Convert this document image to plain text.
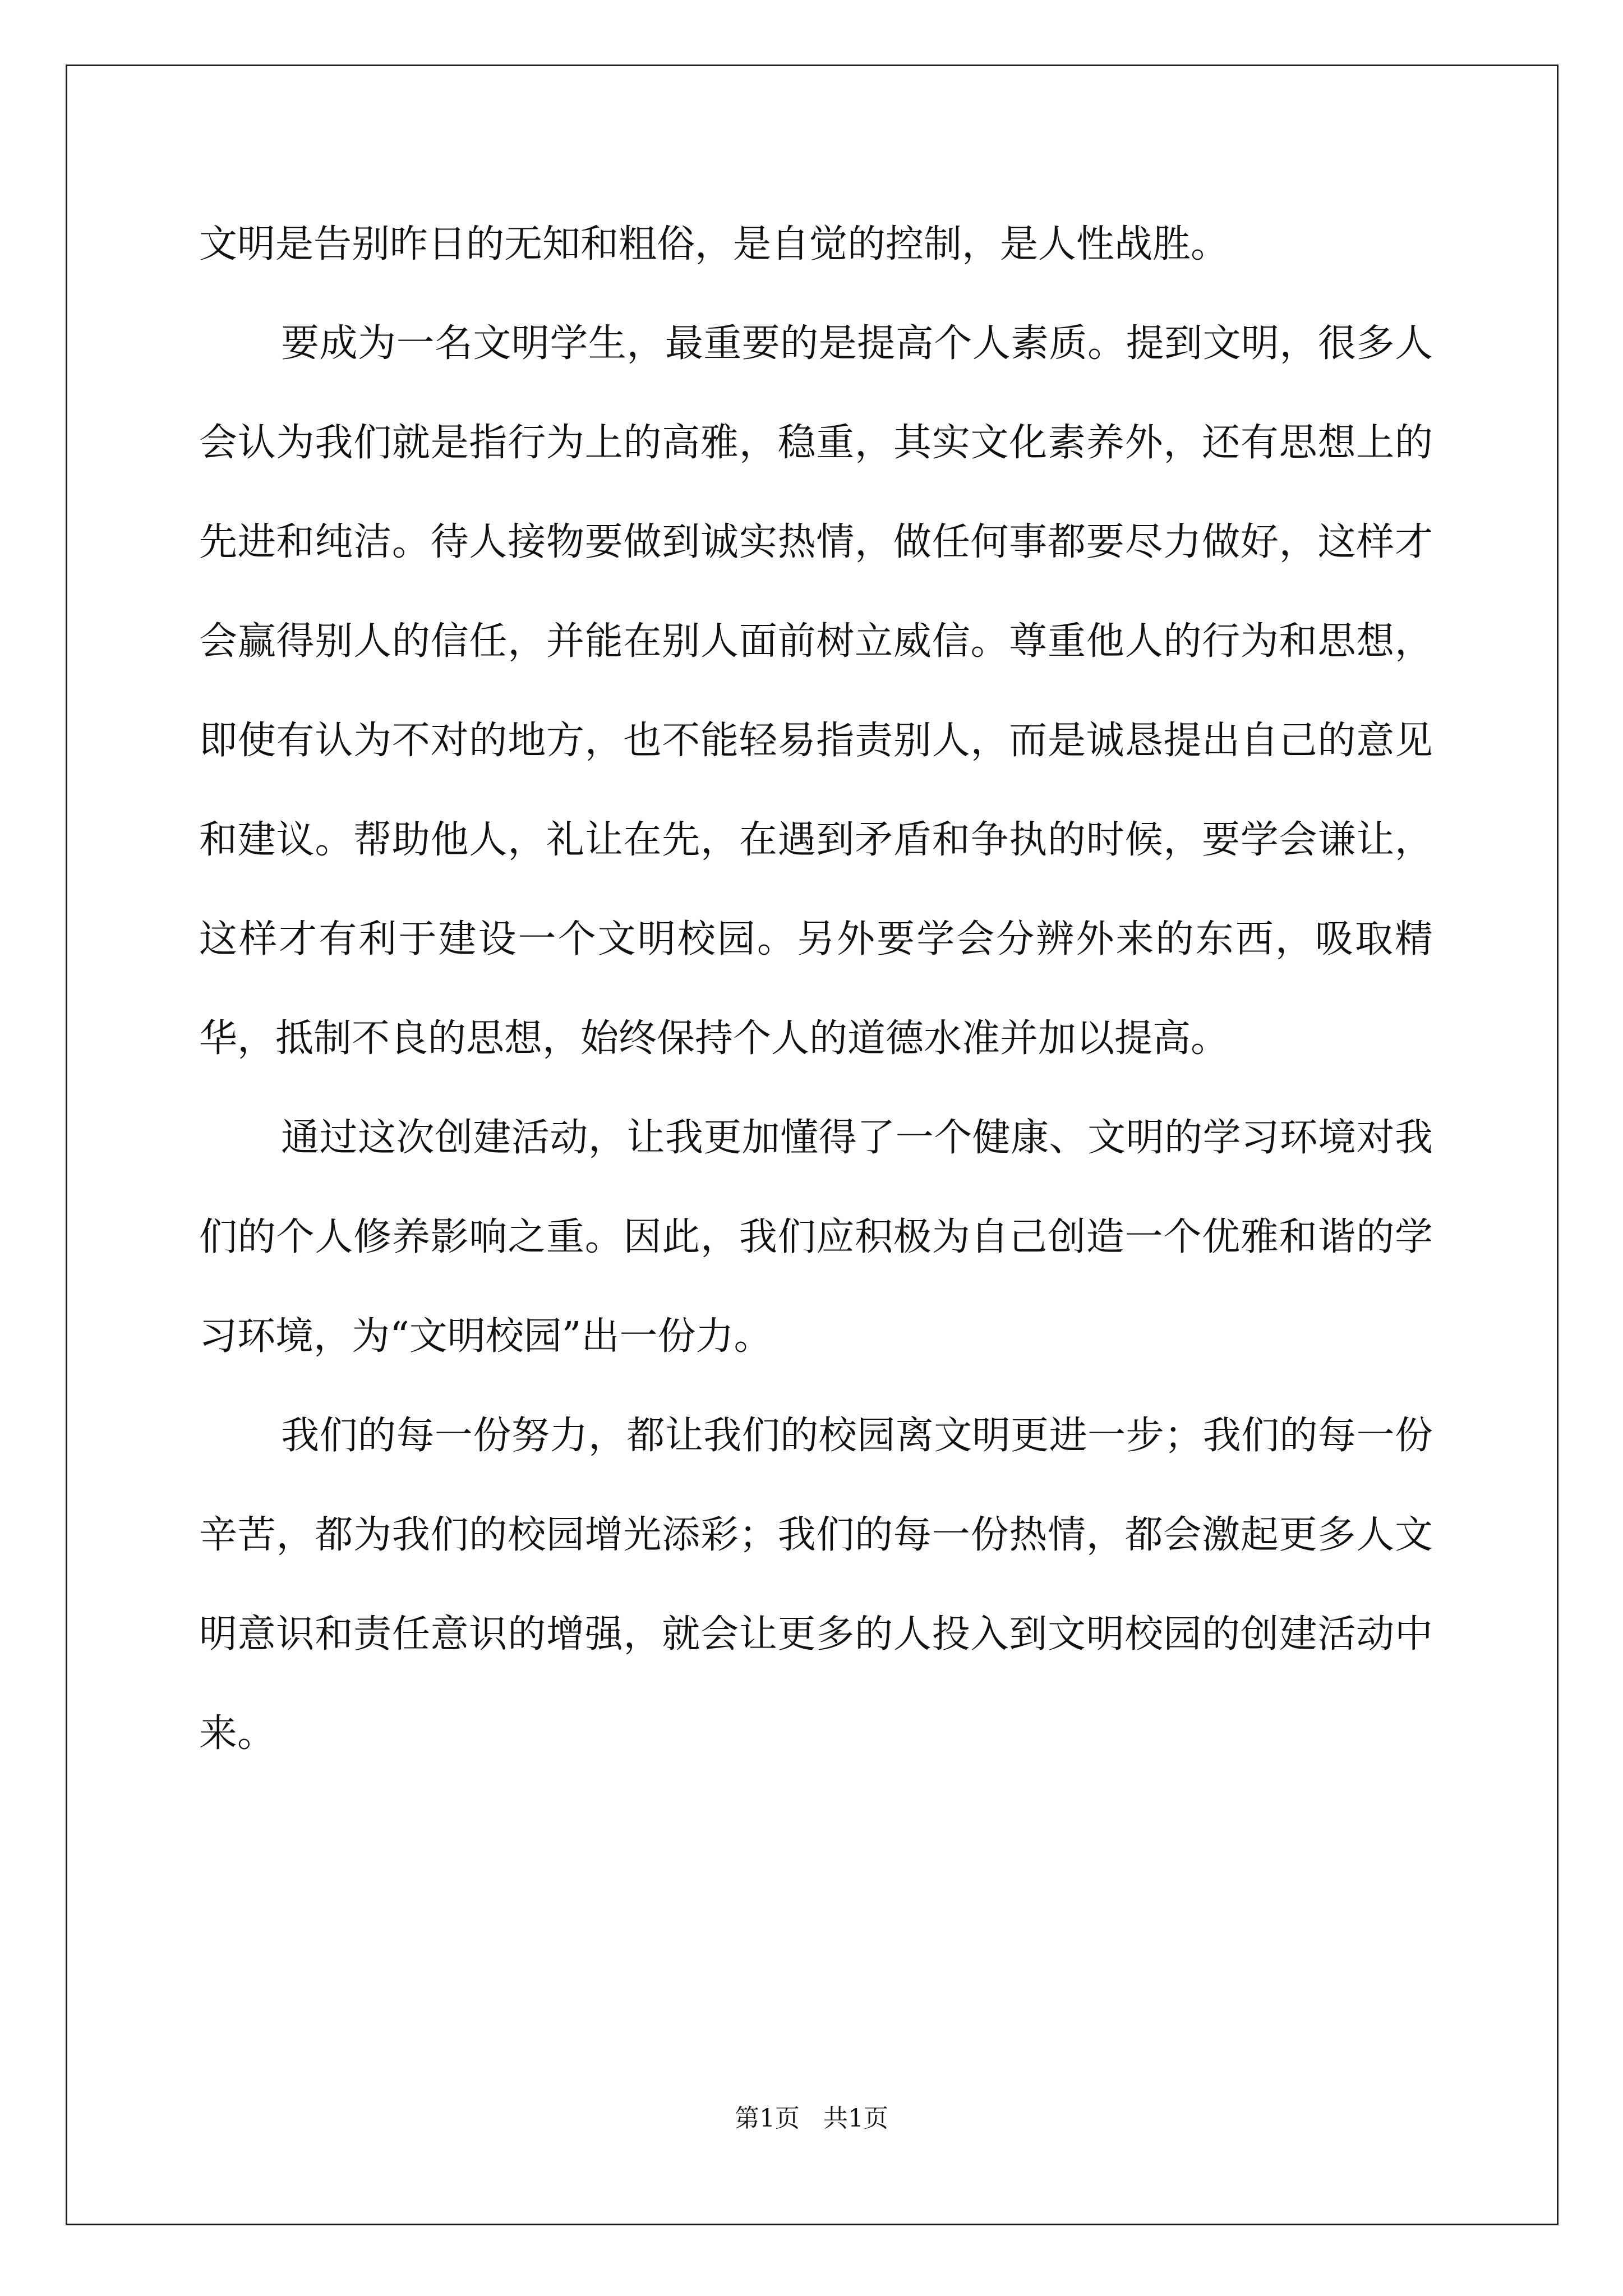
文明是告别昨日的无知和粗俗，是自觉的控制，是人性战胜。

要成为一名文明学生，最重要的是提高个人素质。提到文明，很多人会认为我们就是指行为上的高雅，稳重，其实文化素养外，还有思想上的先进和纯洁。待人接物要做到诚实热情，做任何事都要尽力做好，这样才会赢得别人的信任，并能在别人面前树立威信。尊重他人的行为和思想，即使有认为不对的地方，也不能轻易指责别人，而是诚恳提出自己的意见和建议。帮助他人，礼让在先，在遇到矛盾和争执的时候，要学会谦让，这样才有利于建设一个文明校园。另外要学会分辨外来的东西，吸取精华，抵制不良的思想，始终保持个人的道德水准并加以提高。

通过这次创建活动，让我更加懂得了一个健康、文明的学习环境对我们的个人修养影响之重。因此，我们应积极为自己创造一个优雅和谐的学习环境，为“文明校园”出一份力。

我们的每一份努力，都让我们的校园离文明更进一步；我们的每一份辛苦，都为我们的校园增光添彩；我们的每一份热情，都会激起更多人文明意识和责任意识的增强，就会让更多的人投入到文明校园的创建活动中来。

第1页   共1页
